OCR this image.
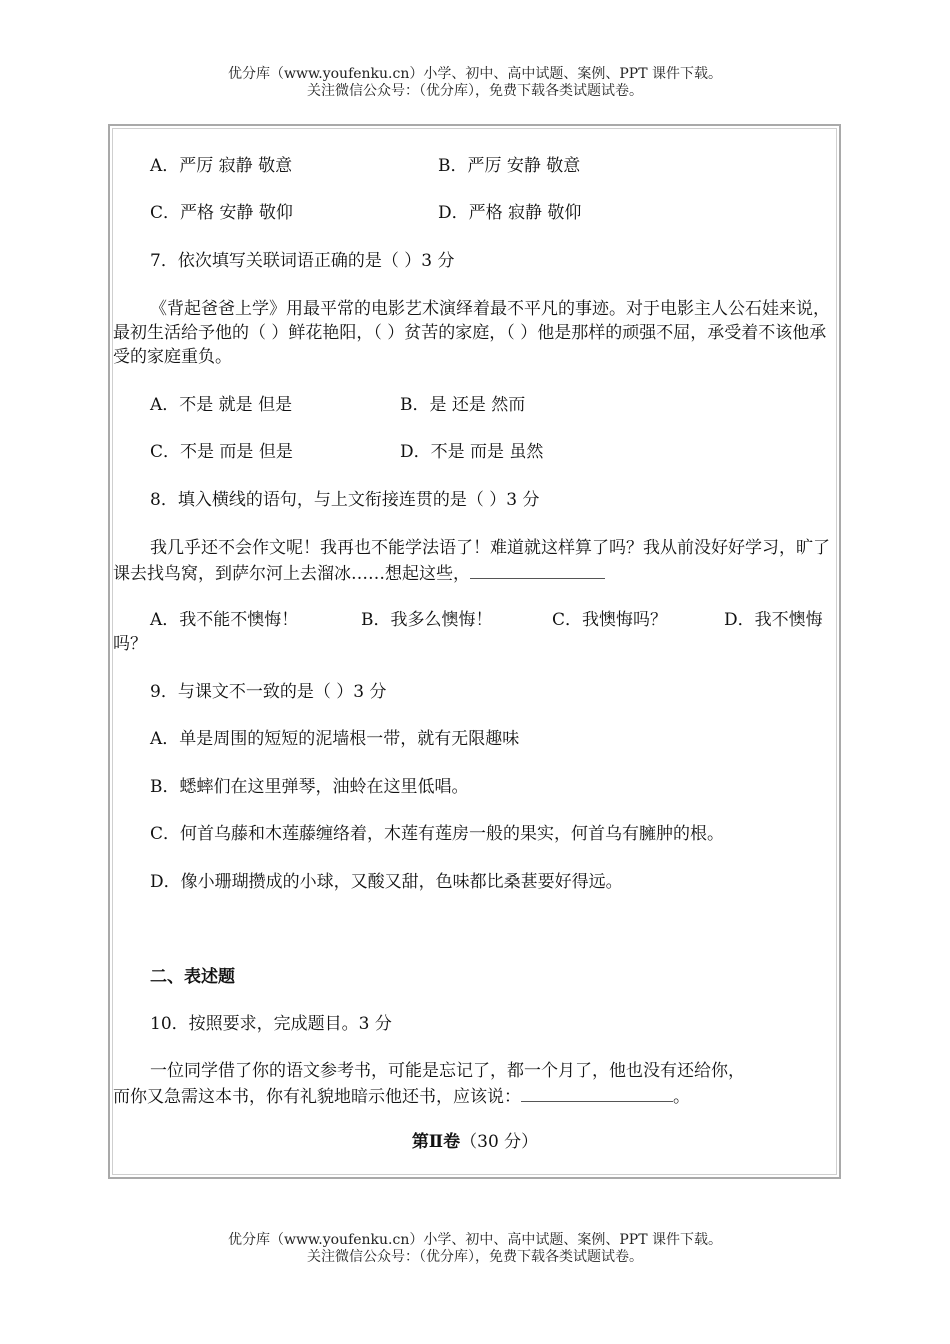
优分库（www.youfenku.cn）小学、初中、高中试题、案例、PPT 课件下载。
关注微信公众号：（优分库），免费下载各类试题试卷。
A．严厉 寂静 敬意	B．严厉 安静 敬意
C．严格 安静 敬仰	D．严格 寂静 敬仰
7．依次填写关联词语正确的是（ ）3 分
《背起爸爸上学》用最平常的电影艺术演绎着最不平凡的事迹。对于电影主人公石娃来说，最初生活给予他的（ ）鲜花艳阳，（ ）贫苦的家庭，（ ）他是那样的顽强不屈，承受着不该他承受的家庭重负。
A．不是 就是 但是	B．是 还是 然而
C．不是 而是 但是	D．不是 而是 虽然
8．填入横线的语句，与上文衔接连贯的是（ ）3 分
我几乎还不会作文呢！我再也不能学法语了！难道就这样算了吗？我从前没好好学习，旷了课去找鸟窝，到萨尔河上去溜冰……想起这些，
A．我不能不懊悔！	B．我多么懊悔！	C．我懊悔吗？	D．我不懊悔
吗？
9．与课文不一致的是（ ）3 分
A．单是周围的短短的泥墙根一带，就有无限趣味
B．蟋蟀们在这里弹琴，油蛉在这里低唱。
C．何首乌藤和木莲藤缠络着，木莲有莲房一般的果实，何首乌有臃肿的根。
D．像小珊瑚攒成的小球，又酸又甜，色味都比桑葚要好得远。
二、表述题
10．按照要求，完成题目。3 分
一位同学借了你的语文参考书，可能是忘记了，都一个月了，他也没有还给你，
而你又急需这本书，你有礼貌地暗示他还书，应该说：	。
第Ⅱ卷（30 分）
优分库（www.youfenku.cn）小学、初中、高中试题、案例、PPT 课件下载。
关注微信公众号：（优分库），免费下载各类试题试卷。
